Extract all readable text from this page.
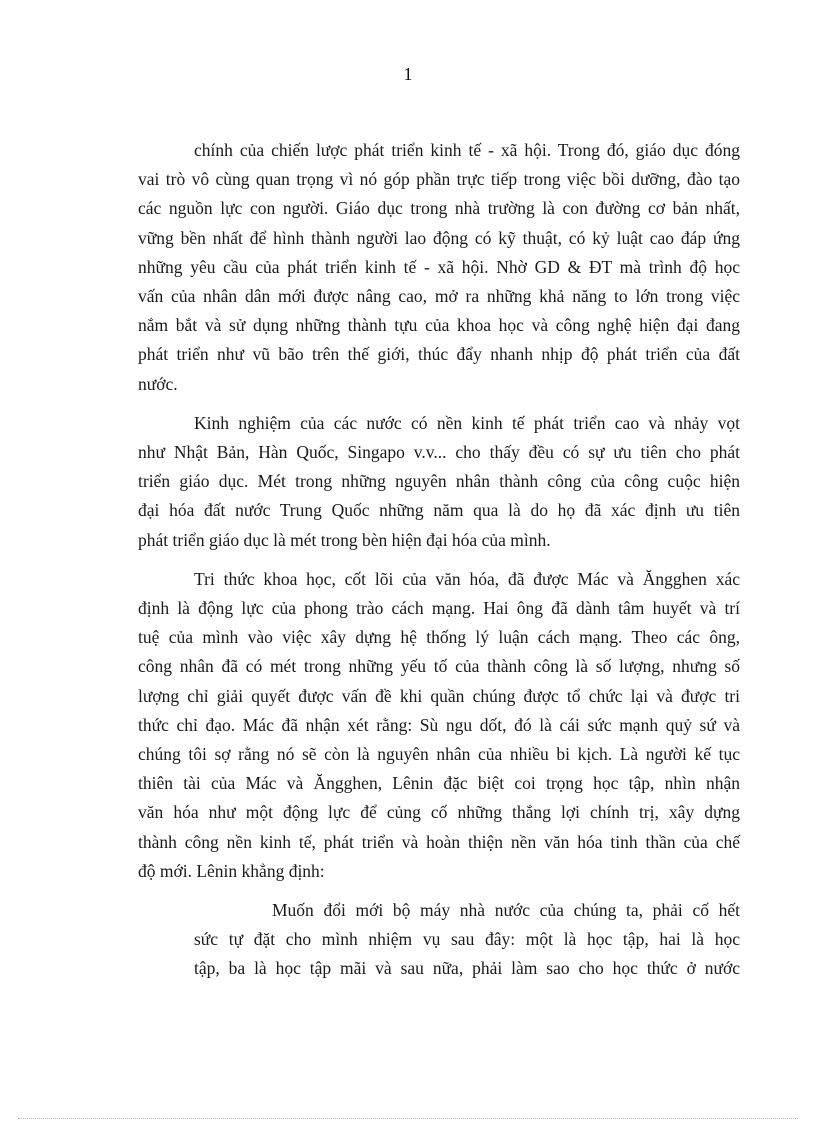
1
chính của chiến lược phát triển kinh tế - xã hội. Trong đó, giáo dục đóng
vai trò vô cùng quan trọng vì nó góp phần trực tiếp trong việc bồi dưỡng, đào tạo
các nguồn lực con người. Giáo dục trong nhà trường là con đường cơ bản nhất,
vững bền nhất để hình thành người lao động có kỹ thuật, có kỷ luật cao đáp ứng
những yêu cầu của phát triển kinh tế - xã hội. Nhờ GD & ĐT mà trình độ học
vấn của nhân dân mới được nâng cao, mở ra những khả năng to lớn trong việc
nắm bắt và sử dụng những thành tựu của khoa học và công nghệ hiện đại đang
phát triển như vũ bão trên thế giới, thúc đẩy nhanh nhịp độ phát triển của đất
nước.
Kinh nghiệm của các nước có nền kinh tế phát triển cao và nhảy vọt
như Nhật Bản, Hàn Quốc, Singapo v.v... cho thấy đều có sự ưu tiên cho phát
triển giáo dục. Mét trong những nguyên nhân thành công của công cuộc hiện
đại hóa đất nước Trung Quốc những năm qua là do họ đã xác định ưu tiên
phát triển giáo dục là mét trong bèn hiện đại hóa của mình.
Tri thức khoa học, cốt lõi của văn hóa, đã được Mác và Ăngghen xác
định là động lực của phong trào cách mạng. Hai ông đã dành tâm huyết và trí
tuệ của mình vào việc xây dựng hệ thống lý luận cách mạng. Theo các ông,
công nhân đã có mét trong những yếu tố của thành công là số lượng, nhưng số
lượng chỉ giải quyết được vấn đề khi quần chúng được tổ chức lại và được tri
thức chỉ đạo. Mác đã nhận xét rằng: Sù ngu dốt, đó là cái sức mạnh quỷ sứ và
chúng tôi sợ rằng nó sẽ còn là nguyên nhân của nhiều bi kịch. Là người kế tục
thiên tài của Mác và Ăngghen, Lênin đặc biệt coi trọng học tập, nhìn nhận
văn hóa như một động lực để củng cố những thắng lợi chính trị, xây dựng
thành công nền kinh tế, phát triển và hoàn thiện nền văn hóa tinh thần của chế
độ mới. Lênin khẳng định:
Muốn đổi mới bộ máy nhà nước của chúng ta, phải cố hết
sức tự đặt cho mình nhiệm vụ sau đây: một là học tập, hai là học
tập, ba là học tập mãi và sau nữa, phải làm sao cho học thức ở nước
